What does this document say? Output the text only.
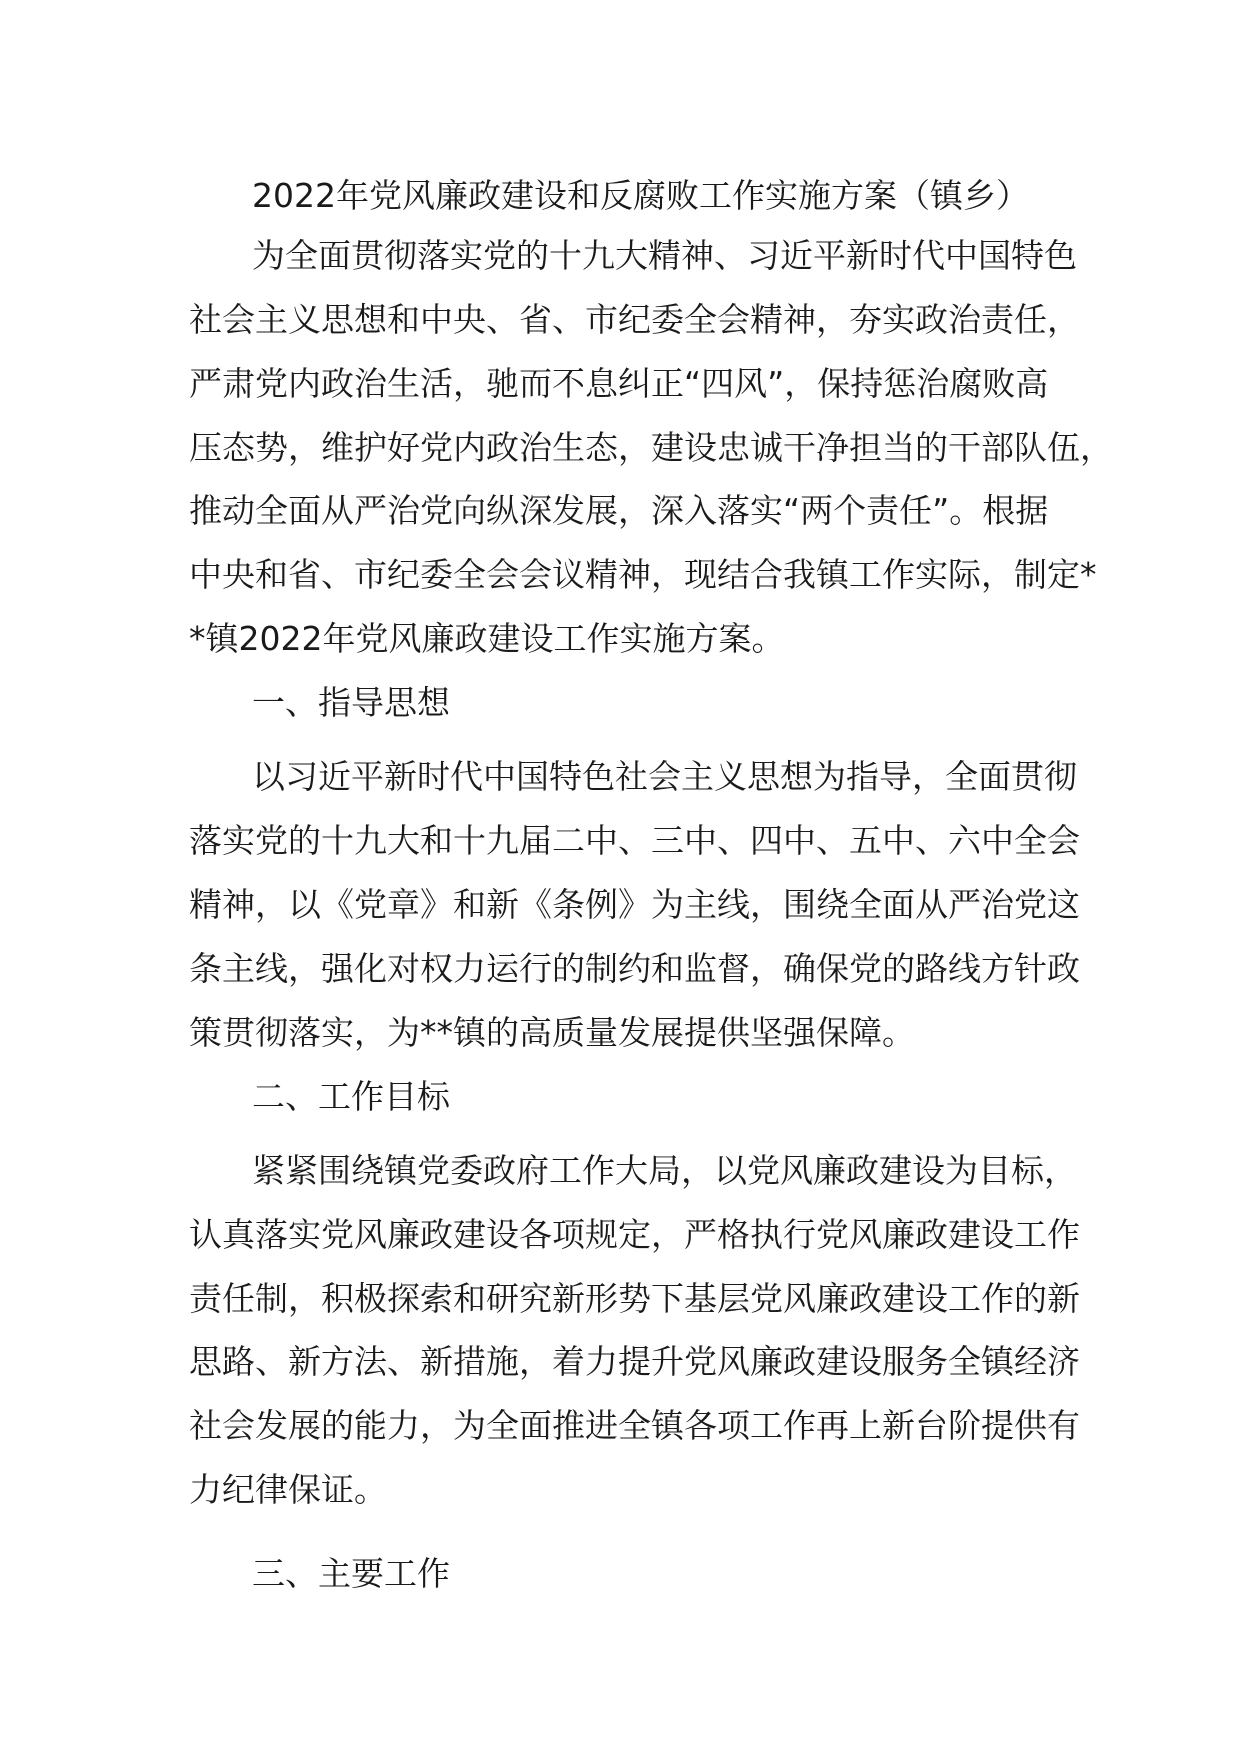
2022年党风廉政建设和反腐败工作实施方案（镇乡）
为全面贯彻落实党的十九大精神、习近平新时代中国特色
社会主义思想和中央、省、市纪委全会精神，夯实政治责任，
严肃党内政治生活，驰而不息纠正“四风”，保持惩治腐败高
压态势，维护好党内政治生态，建设忠诚干净担当的干部队伍，
推动全面从严治党向纵深发展，深入落实“两个责任”。根据
中央和省、市纪委全会会议精神，现结合我镇工作实际，制定*
*镇2022年党风廉政建设工作实施方案。
一、指导思想
以习近平新时代中国特色社会主义思想为指导，全面贯彻
落实党的十九大和十九届二中、三中、四中、五中、六中全会
精神，以《党章》和新《条例》为主线，围绕全面从严治党这
条主线，强化对权力运行的制约和监督，确保党的路线方针政
策贯彻落实，为**镇的高质量发展提供坚强保障。
二、工作目标
紧紧围绕镇党委政府工作大局，以党风廉政建设为目标，
认真落实党风廉政建设各项规定，严格执行党风廉政建设工作
责任制，积极探索和研究新形势下基层党风廉政建设工作的新
思路、新方法、新措施，着力提升党风廉政建设服务全镇经济
社会发展的能力，为全面推进全镇各项工作再上新台阶提供有
力纪律保证。
三、主要工作
